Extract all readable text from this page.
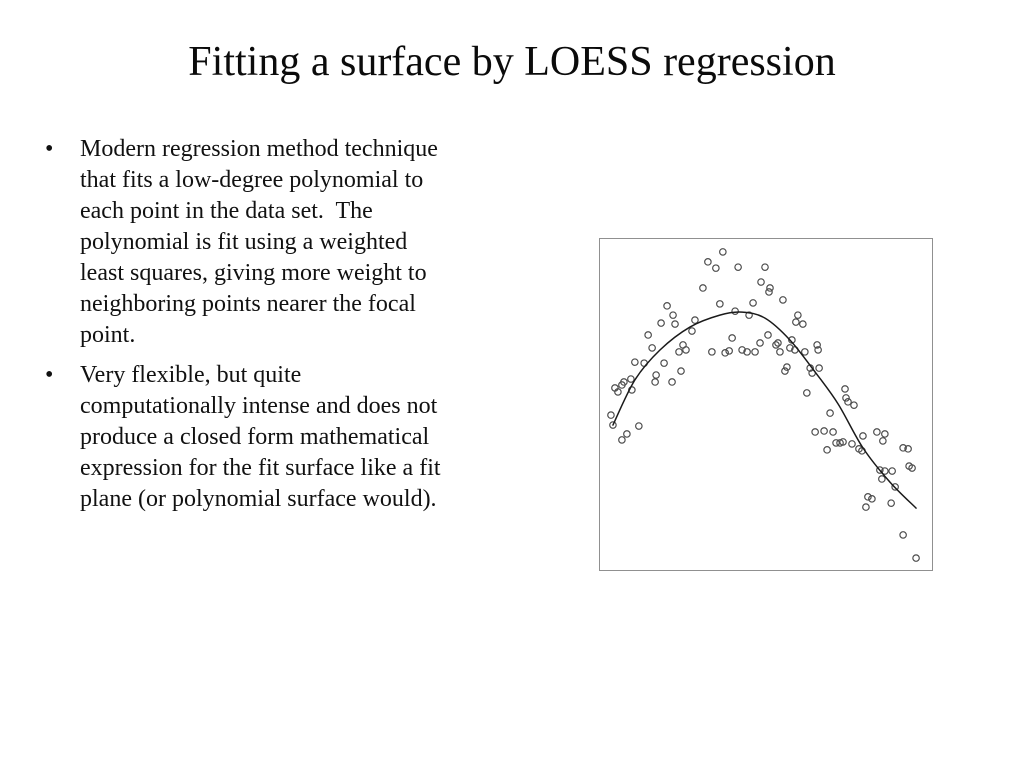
Fitting a surface by LOESS regression
•	Modern regression method technique
that fits a low-degree polynomial to
each point in the data set.  The
polynomial is fit using a weighted
least squares, giving more weight to
neighboring points nearer the focal
point.
•	Very flexible, but quite
computationally intense and does not
produce a closed form mathematical
expression for the fit surface like a fit
plane (or polynomial surface would).
